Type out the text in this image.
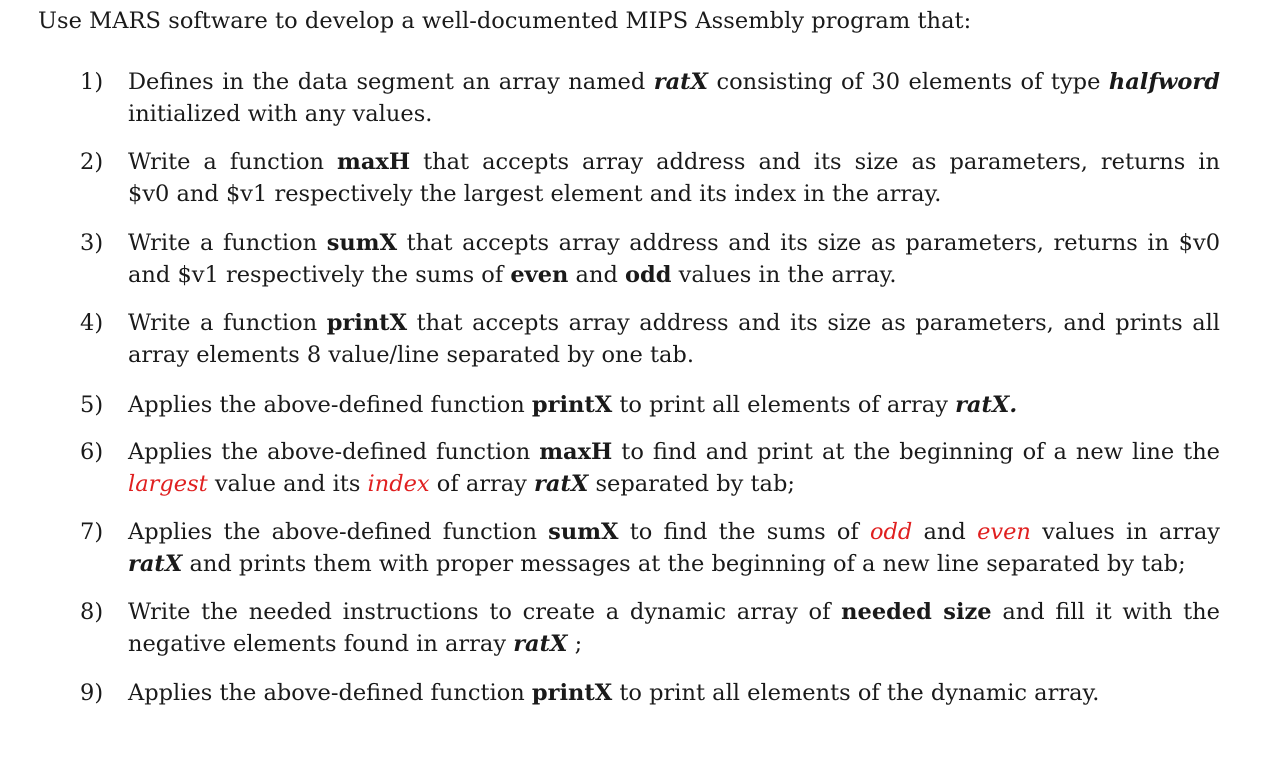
Use MARS software to develop a well-documented MIPS Assembly program that:
1)	Defines in the data segment an array named ratX consisting of 30 elements of type halfword
initialized with any values.
2)	Write a function maxH that accepts array address and its size as parameters, returns in
$v0 and $v1 respectively the largest element and its index in the array.
3)	Write a function sumX that accepts array address and its size as parameters, returns in $v0
and $v1 respectively the sums of even and odd values in the array.
4)	Write a function printX that accepts array address and its size as parameters, and prints all
array elements 8 value/line separated by one tab.
5)	Applies the above-defined function printX to print all elements of array ratX.
6)	Applies the above-defined function maxH to find and print at the beginning of a new line the
largest value and its index of array ratX separated by tab;
7)	Applies the above-defined function sumX to find the sums of odd and even values in array
ratX and prints them with proper messages at the beginning of a new line separated by tab;
8)	Write the needed instructions to create a dynamic array of needed size and fill it with the
negative elements found in array ratX ;
9)	Applies the above-defined function printX to print all elements of the dynamic array.
